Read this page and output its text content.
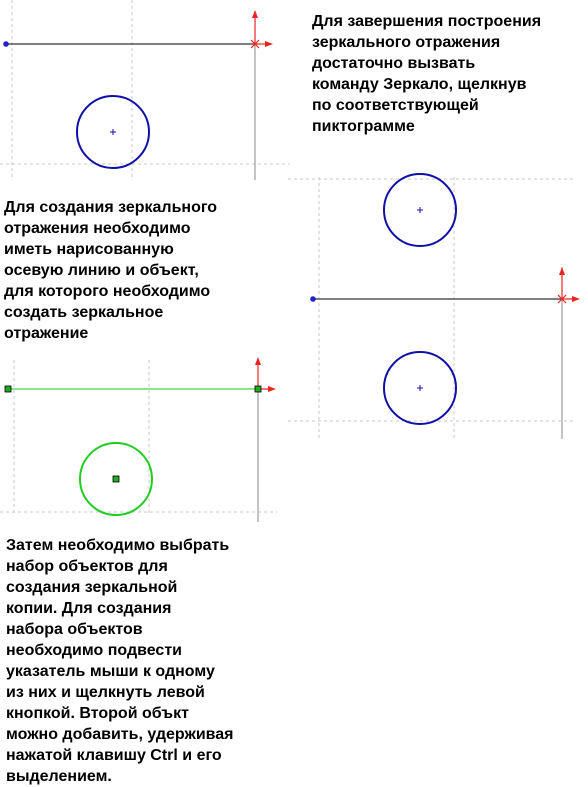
Для завершения построения
зеркального отражения
достаточно вызвать
команду Зеркало, щелкнув
по соответствующей
пиктограмме

Для создания зеркального
отражения необходимо
иметь нарисованную
осевую линию и объект,
для которого необходимо
создать зеркальное
отражение

Затем необходимо выбрать
набор объектов для
создания зеркальной
копии. Для создания
набора объектов
необходимо подвести
указатель мыши к одному
из них и щелкнуть левой
кнопкой. Второй объкт
можно добавить, удерживая
нажатой клавишу Ctrl и его
выделением.
